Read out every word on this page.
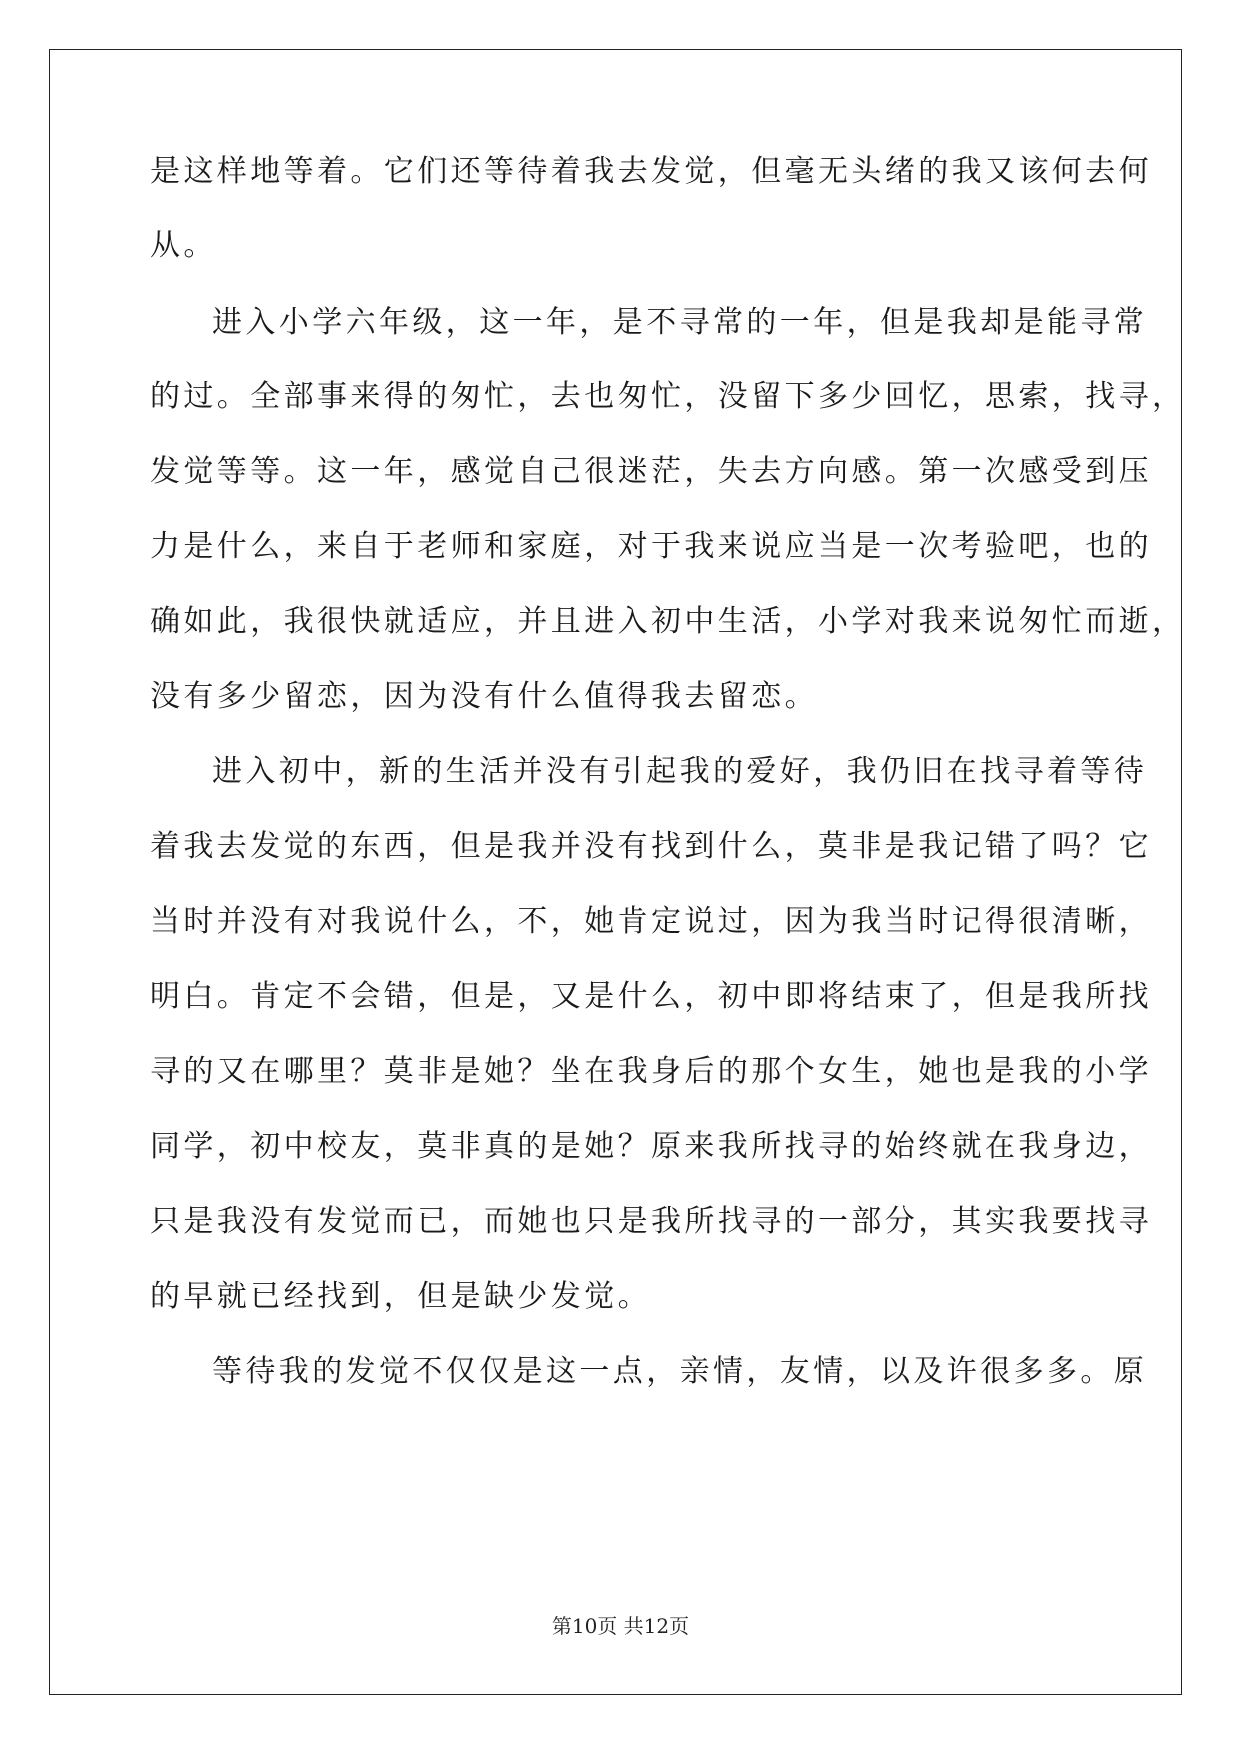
是这样地等着。它们还等待着我去发觉，但毫无头绪的我又该何去何
从。
进入小学六年级，这一年，是不寻常的一年，但是我却是能寻常
的过。全部事来得的匆忙，去也匆忙，没留下多少回忆，思索，找寻，
发觉等等。这一年，感觉自己很迷茫，失去方向感。第一次感受到压
力是什么，来自于老师和家庭，对于我来说应当是一次考验吧，也的
确如此，我很快就适应，并且进入初中生活，小学对我来说匆忙而逝，
没有多少留恋，因为没有什么值得我去留恋。
进入初中，新的生活并没有引起我的爱好，我仍旧在找寻着等待
着我去发觉的东西，但是我并没有找到什么，莫非是我记错了吗？它
当时并没有对我说什么，不，她肯定说过，因为我当时记得很清晰，
明白。肯定不会错，但是，又是什么，初中即将结束了，但是我所找
寻的又在哪里？莫非是她？坐在我身后的那个女生，她也是我的小学
同学，初中校友，莫非真的是她？原来我所找寻的始终就在我身边，
只是我没有发觉而已，而她也只是我所找寻的一部分，其实我要找寻
的早就已经找到，但是缺少发觉。
等待我的发觉不仅仅是这一点，亲情，友情，以及许很多多。原
第10页 共12页
